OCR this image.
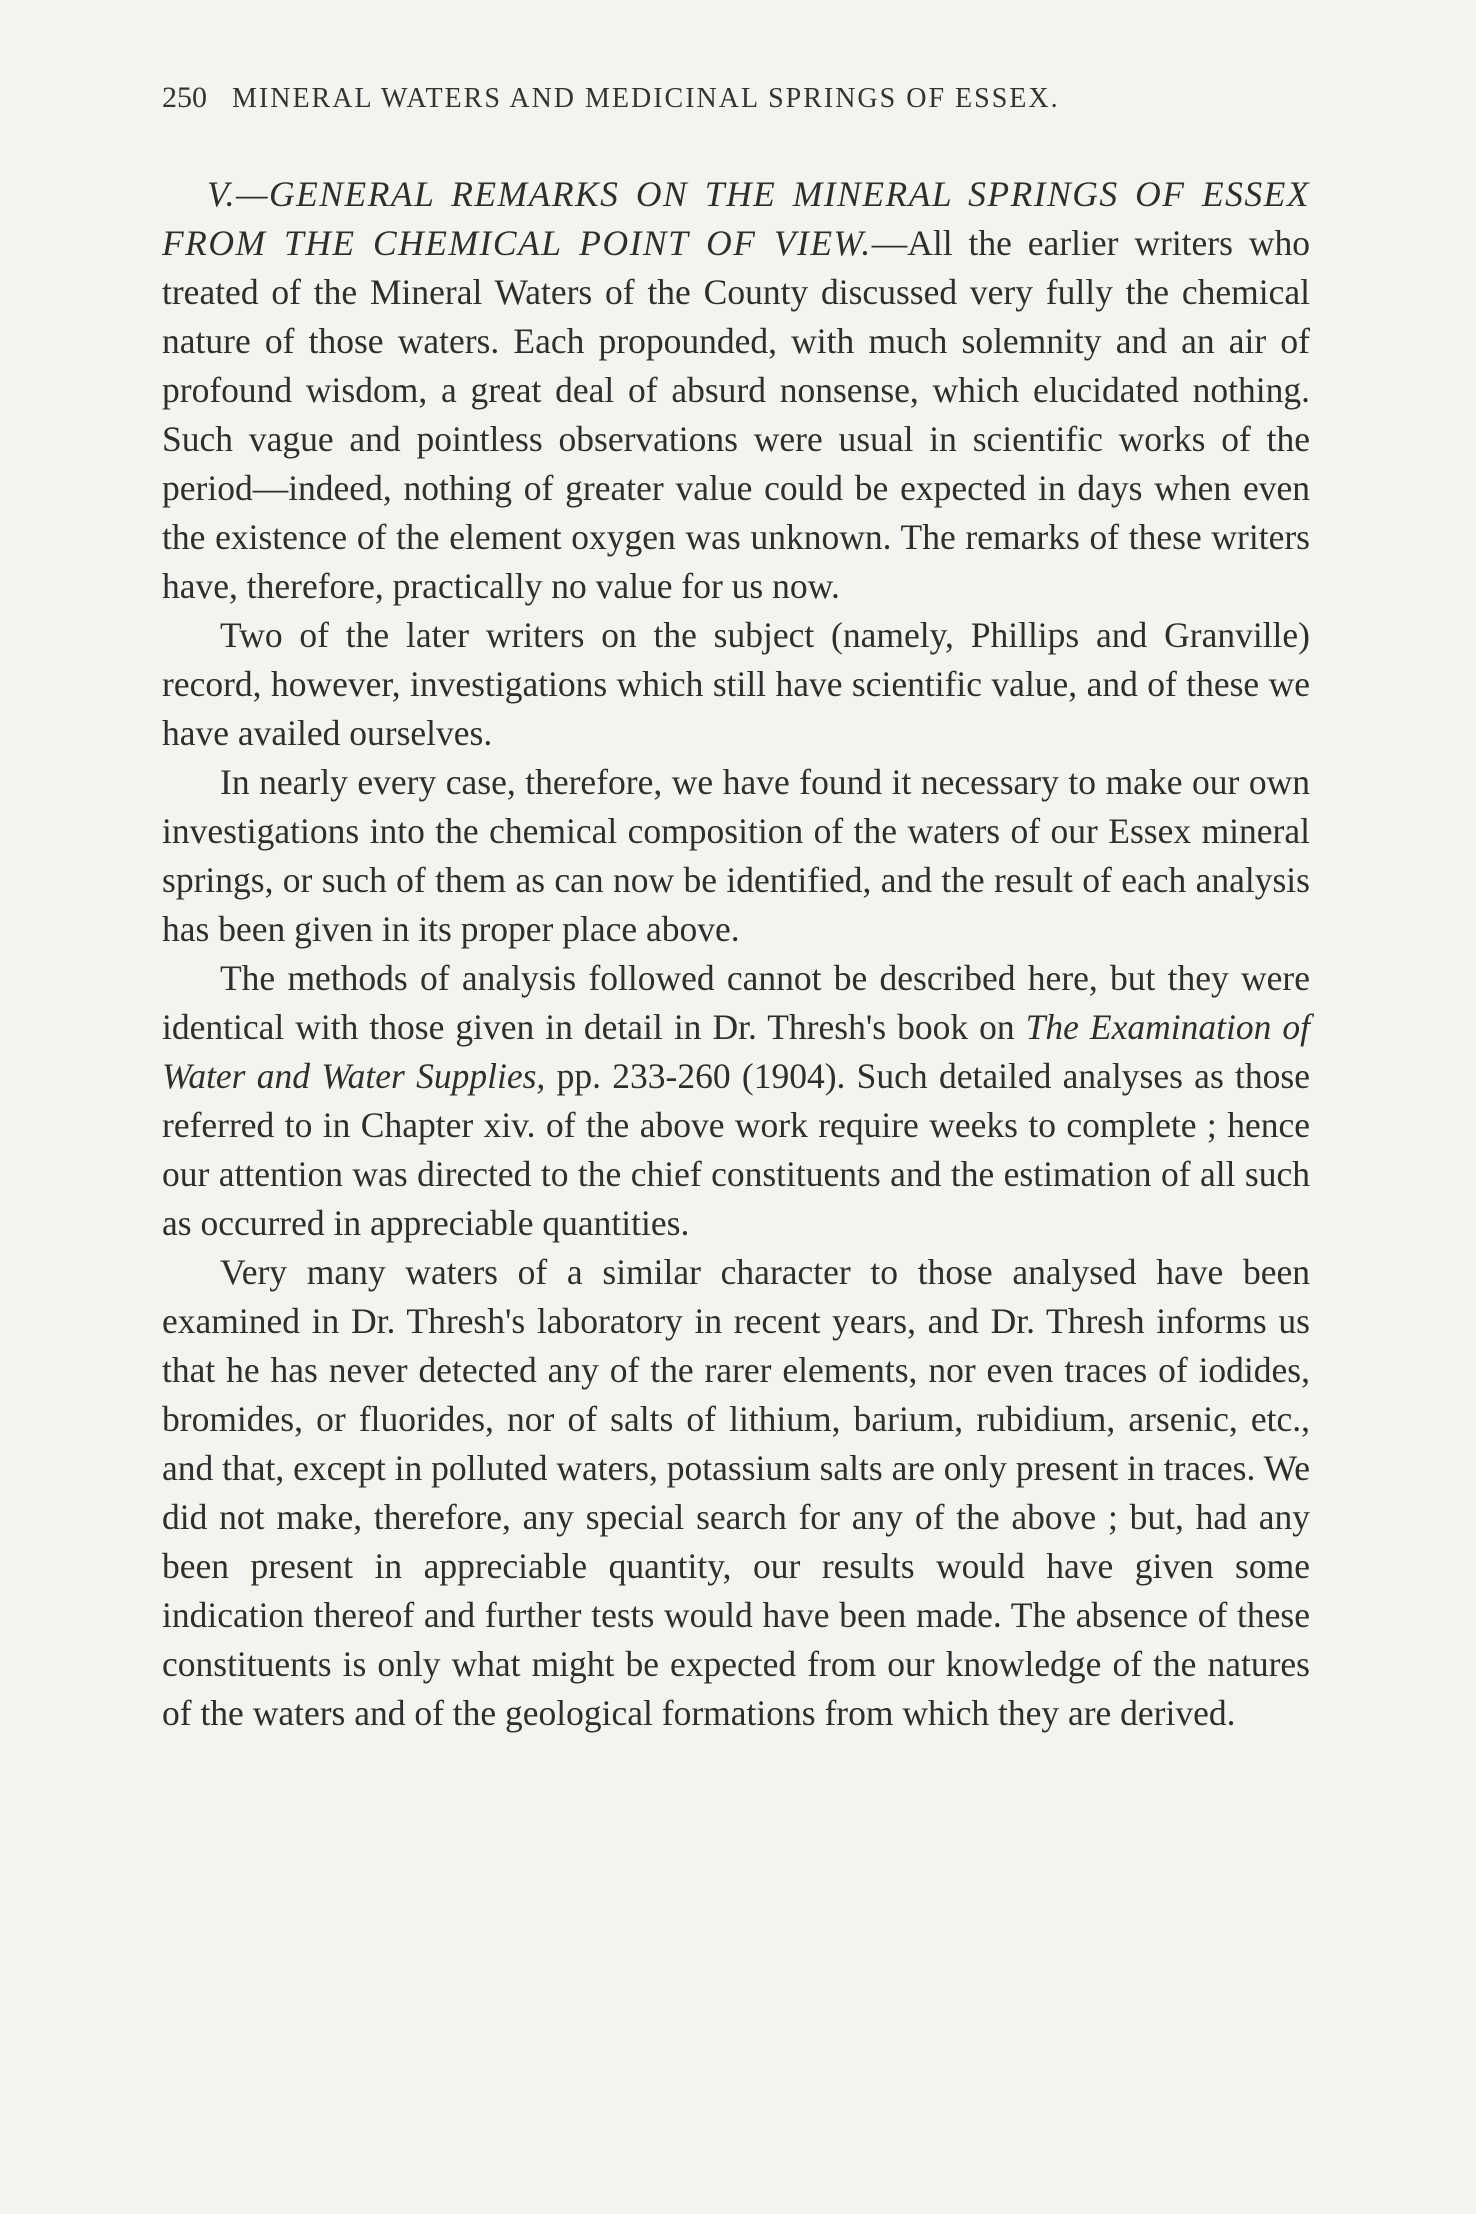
250 MINERAL WATERS AND MEDICINAL SPRINGS OF ESSEX.

V.—GENERAL REMARKS ON THE MINERAL SPRINGS OF ESSEX FROM THE CHEMICAL POINT OF VIEW.—All the earlier writers who treated of the Mineral Waters of the County discussed very fully the chemical nature of those waters. Each propounded, with much solemnity and an air of profound wisdom, a great deal of absurd nonsense, which elucidated nothing. Such vague and pointless observations were usual in scientific works of the period—indeed, nothing of greater value could be expected in days when even the existence of the element oxygen was unknown. The remarks of these writers have, therefore, practically no value for us now.

Two of the later writers on the subject (namely, Phillips and Granville) record, however, investigations which still have scientific value, and of these we have availed ourselves.

In nearly every case, therefore, we have found it necessary to make our own investigations into the chemical composition of the waters of our Essex mineral springs, or such of them as can now be identified, and the result of each analysis has been given in its proper place above.

The methods of analysis followed cannot be described here, but they were identical with those given in detail in Dr. Thresh's book on The Examination of Water and Water Supplies, pp. 233-260 (1904). Such detailed analyses as those referred to in Chapter xiv. of the above work require weeks to complete ; hence our attention was directed to the chief constituents and the estimation of all such as occurred in appreciable quantities.

Very many waters of a similar character to those analysed have been examined in Dr. Thresh's laboratory in recent years, and Dr. Thresh informs us that he has never detected any of the rarer elements, nor even traces of iodides, bromides, or fluorides, nor of salts of lithium, barium, rubidium, arsenic, etc., and that, except in polluted waters, potassium salts are only present in traces. We did not make, therefore, any special search for any of the above ; but, had any been present in appreciable quantity, our results would have given some indication thereof and further tests would have been made. The absence of these constituents is only what might be expected from our knowledge of the natures of the waters and of the geological formations from which they are derived.
